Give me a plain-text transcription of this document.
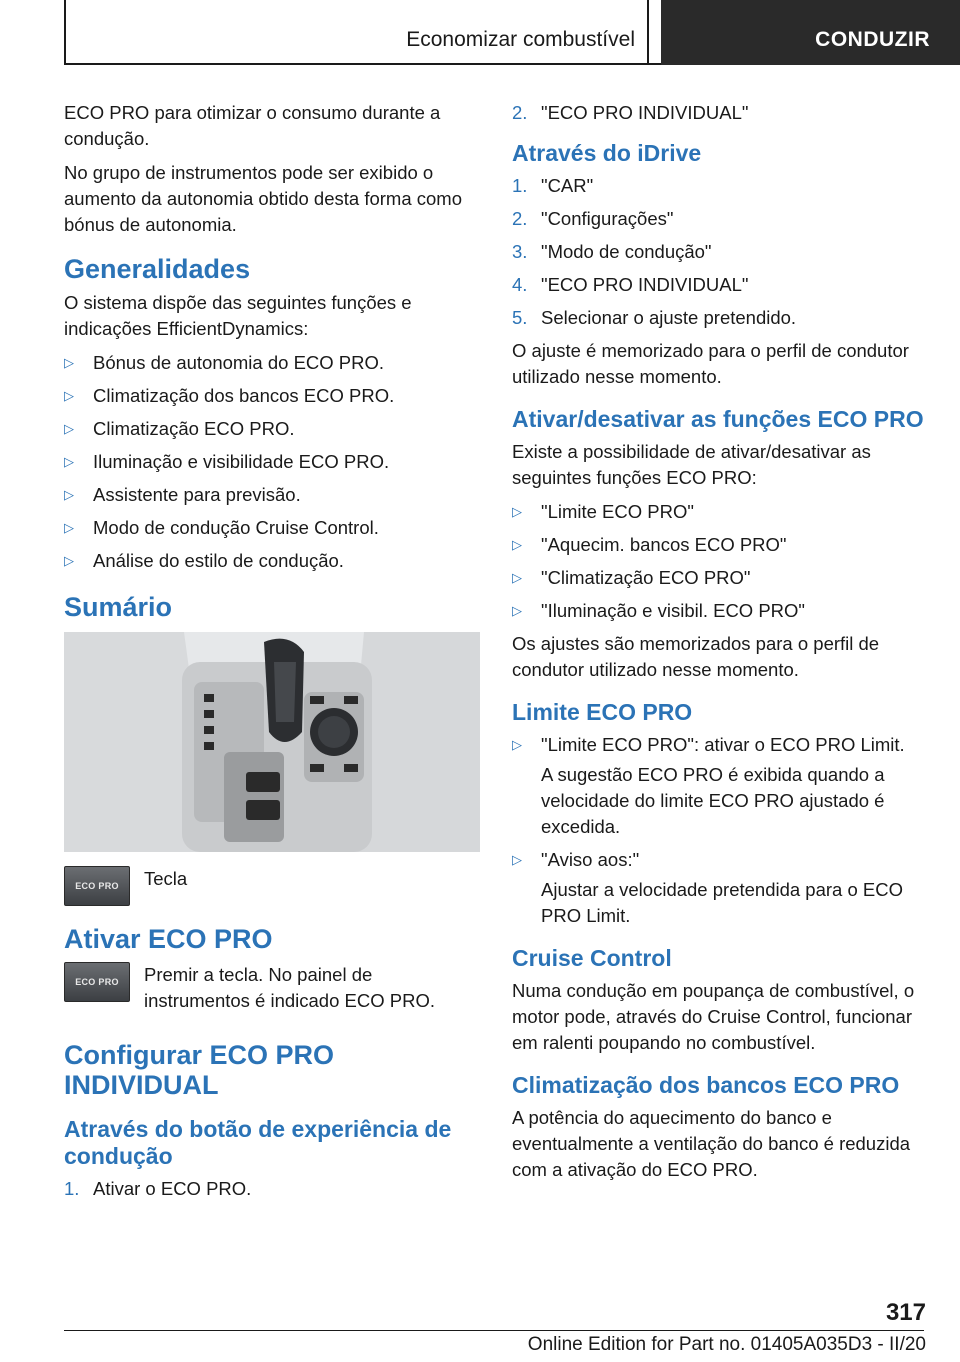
Economizar combustível	CONDUZIR

ECO PRO para otimizar o consumo durante a condução.

No grupo de instrumentos pode ser exibido o aumento da autonomia obtido desta forma como bónus de autonomia.

Generalidades

O sistema dispõe das seguintes funções e indicações EfficientDynamics:

▷ Bónus de autonomia do ECO PRO.
▷ Climatização dos bancos ECO PRO.
▷ Climatização ECO PRO.
▷ Iluminação e visibilidade ECO PRO.
▷ Assistente para previsão.
▷ Modo de condução Cruise Control.
▷ Análise do estilo de condução.
Sumário
ECO PRO Tecla

Ativar ECO PRO
ECO PRO Premir a tecla. No painel de instrumentos é indicado ECO PRO.

Configurar ECO PRO INDIVIDUAL
Através do botão de experiência de condução
1. Ativar o ECO PRO.
2. "ECO PRO INDIVIDUAL"
Através do iDrive
1. "CAR"
2. "Configurações"
3. "Modo de condução"
4. "ECO PRO INDIVIDUAL"
5. Selecionar o ajuste pretendido.

O ajuste é memorizado para o perfil de condutor utilizado nesse momento.

Ativar/desativar as funções ECO PRO

Existe a possibilidade de ativar/desativar as seguintes funções ECO PRO:

▷ "Limite ECO PRO"
▷ "Aquecim. bancos ECO PRO"
▷ "Climatização ECO PRO"
▷ "Iluminação e visibil. ECO PRO"

Os ajustes são memorizados para o perfil de condutor utilizado nesse momento.

Limite ECO PRO
▷ "Limite ECO PRO": ativar o ECO PRO Limit.
A sugestão ECO PRO é exibida quando a velocidade do limite ECO PRO ajustado é excedida.
▷ "Aviso aos:"
Ajustar a velocidade pretendida para o ECO PRO Limit.
Cruise Control

Numa condução em poupança de combustível, o motor pode, através do Cruise Control, funcionar em ralenti poupando no combustível.

Climatização dos bancos ECO PRO

A potência do aquecimento do banco e eventualmente a ventilação do banco é reduzida com a ativação do ECO PRO.

317
Online Edition for Part no. 01405A035D3 - II/20
